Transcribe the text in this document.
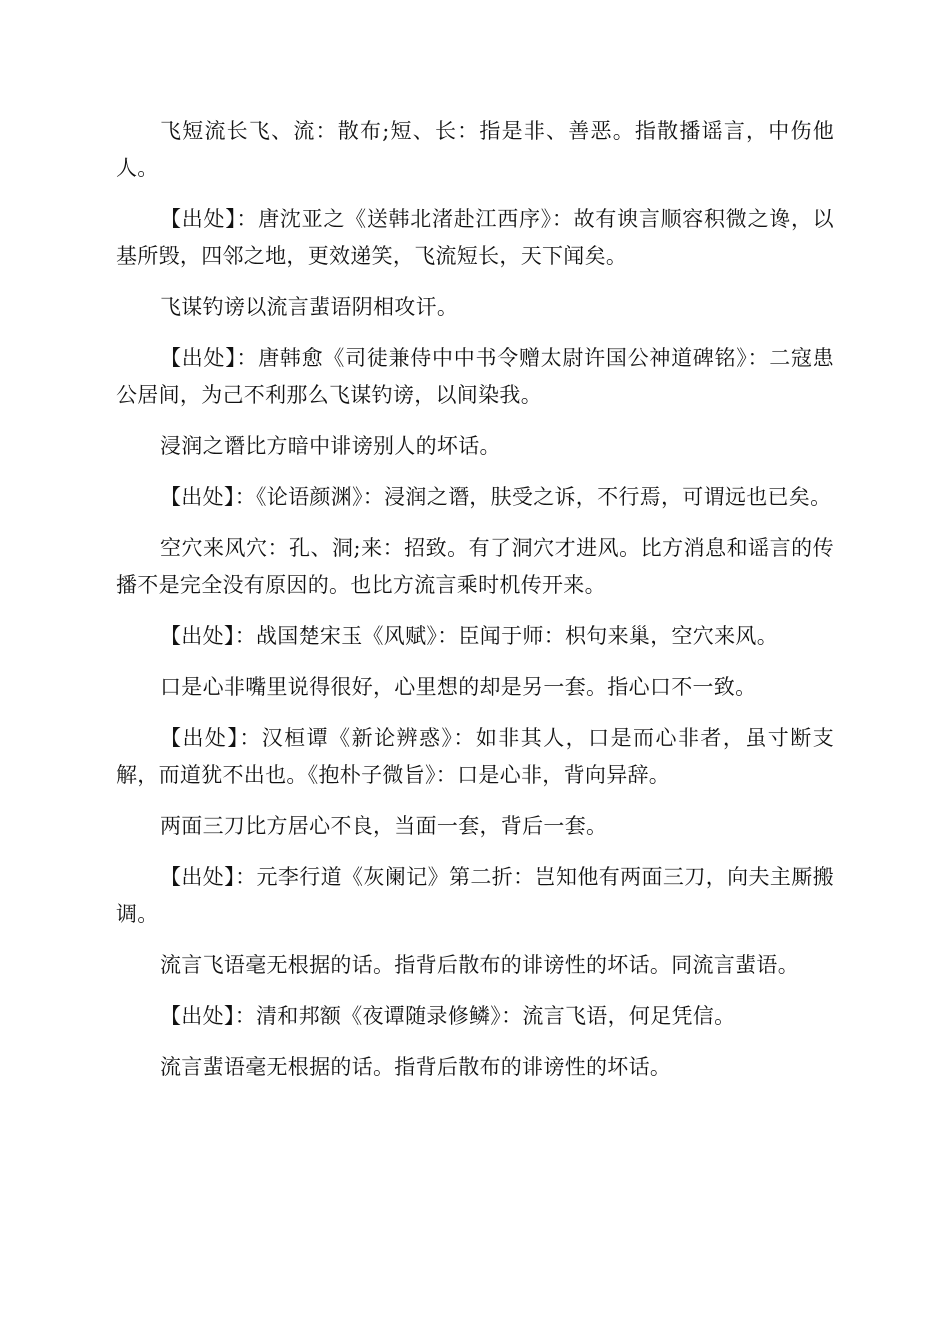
飞短流长飞、流：散布;短、长：指是非、善恶。指散播谣言，中伤他人。

【出处】：唐沈亚之《送韩北渚赴江西序》：故有谀言顺容积微之谗，以基所毁，四邻之地，更效递笑，飞流短长，天下闻矣。

飞谋钓谤以流言蜚语阴相攻讦。

【出处】：唐韩愈《司徒兼侍中中书令赠太尉许国公神道碑铭》：二寇患公居间，为己不利那么飞谋钓谤，以间染我。

浸润之谮比方暗中诽谤别人的坏话。

【出处】：《论语颜渊》：浸润之谮，肤受之诉，不行焉，可谓远也已矣。

空穴来风穴：孔、洞;来：招致。有了洞穴才进风。比方消息和谣言的传播不是完全没有原因的。也比方流言乘时机传开来。

【出处】：战国楚宋玉《风赋》：臣闻于师：枳句来巢，空穴来风。

口是心非嘴里说得很好，心里想的却是另一套。指心口不一致。

【出处】：汉桓谭《新论辨惑》：如非其人，口是而心非者，虽寸断支解，而道犹不出也。《抱朴子微旨》：口是心非，背向异辞。

两面三刀比方居心不良，当面一套，背后一套。

【出处】：元李行道《灰阑记》第二折：岂知他有两面三刀，向夫主厮搬调。

流言飞语毫无根据的话。指背后散布的诽谤性的坏话。同流言蜚语。

【出处】：清和邦额《夜谭随录修鳞》：流言飞语，何足凭信。

流言蜚语毫无根据的话。指背后散布的诽谤性的坏话。
